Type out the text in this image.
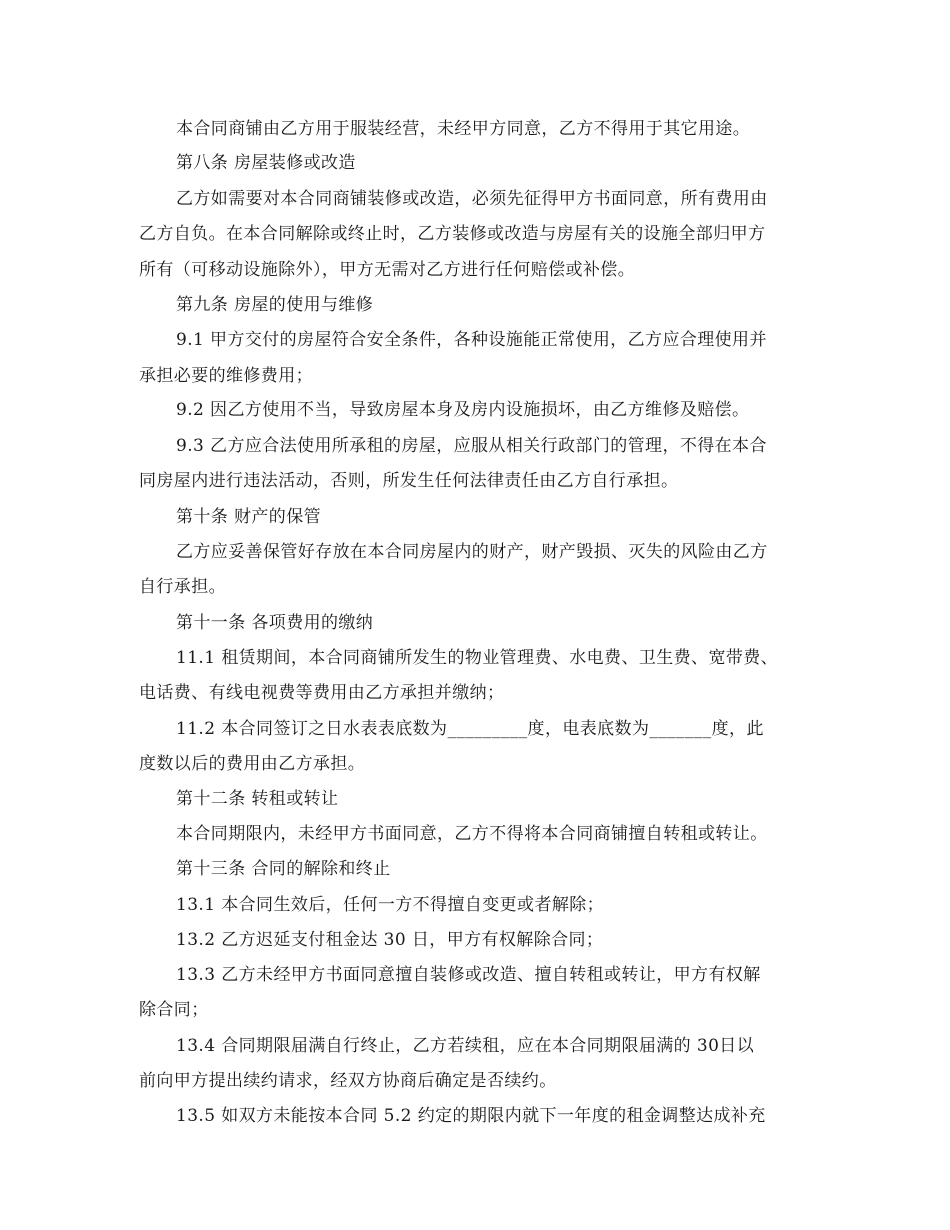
本合同商铺由乙方用于服装经营，未经甲方同意，乙方不得用于其它用途。
第八条 房屋装修或改造
乙方如需要对本合同商铺装修或改造，必须先征得甲方书面同意，所有费用由
乙方自负。在本合同解除或终止时，乙方装修或改造与房屋有关的设施全部归甲方
所有（可移动设施除外），甲方无需对乙方进行任何赔偿或补偿。
第九条 房屋的使用与维修
9.1 甲方交付的房屋符合安全条件，各种设施能正常使用，乙方应合理使用并
承担必要的维修费用；
9.2 因乙方使用不当，导致房屋本身及房内设施损坏，由乙方维修及赔偿。
9.3 乙方应合法使用所承租的房屋，应服从相关行政部门的管理，不得在本合
同房屋内进行违法活动，否则，所发生任何法律责任由乙方自行承担。
第十条 财产的保管
乙方应妥善保管好存放在本合同房屋内的财产，财产毁损、灭失的风险由乙方
自行承担。
第十一条 各项费用的缴纳
11.1 租赁期间，本合同商铺所发生的物业管理费、水电费、卫生费、宽带费、
电话费、有线电视费等费用由乙方承担并缴纳；
11.2 本合同签订之日水表表底数为_________度，电表底数为_______度，此
度数以后的费用由乙方承担。
第十二条 转租或转让
本合同期限内，未经甲方书面同意，乙方不得将本合同商铺擅自转租或转让。
第十三条 合同的解除和终止
13.1 本合同生效后，任何一方不得擅自变更或者解除；
13.2 乙方迟延支付租金达 30 日，甲方有权解除合同；
13.3 乙方未经甲方书面同意擅自装修或改造、擅自转租或转让，甲方有权解
除合同；
13.4 合同期限届满自行终止，乙方若续租，应在本合同期限届满的 30日以
前向甲方提出续约请求，经双方协商后确定是否续约。
13.5 如双方未能按本合同 5.2 约定的期限内就下一年度的租金调整达成补充
